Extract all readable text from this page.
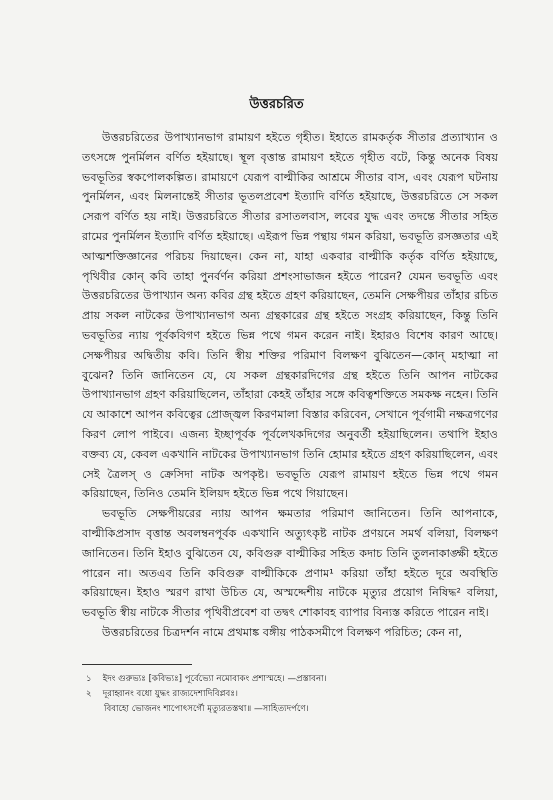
উত্তরচরিত

উত্তরচরিতের উপাখ্যানভাগ রামায়ণ হইতে গৃহীত। ইহাতে রামকর্তৃক সীতার প্রত্যাখ্যান ও তৎসঙ্গে পুনর্মিলন বর্ণিত হইয়াছে। স্থূল বৃত্তান্ত রামায়ণ হইতে গৃহীত বটে, কিন্তু অনেক বিষয় ভবভূতির স্বকপোলকল্পিত। রামায়ণে যেরূপ বাল্মীকির আশ্রমে সীতার বাস, এবং যেরূপ ঘটনায় পুনর্মিলন, এবং মিলনান্তেই সীতার ভূতলপ্রবেশ ইত্যাদি বর্ণিত হইয়াছে, উত্তরচরিতে সে সকল সেরূপ বর্ণিত হয় নাই। উত্তরচরিতে সীতার রসাতলবাস, লবের যুদ্ধ এবং তদন্তে সীতার সহিত রামের পুনর্মিলন ইত্যাদি বর্ণিত হইয়াছে। এইরূপ ভিন্ন পন্থায় গমন করিয়া, ভবভূতি রসজ্ঞতার এই আত্মশক্তিজ্ঞানের পরিচয় দিয়াছেন। কেন না, যাহা একবার বাল্মীকি কর্তৃক বর্ণিত হইয়াছে, পৃথিবীর কোন্ কবি তাহা পুনর্বর্ণন করিয়া প্রশংসাভাজন হইতে পারেন? যেমন ভবভূতি এবং উত্তরচরিতের উপাখ্যান অন্য কবির গ্রন্থ হইতে গ্রহণ করিয়াছেন, তেমনি সেক্ষপীয়র তাঁহার রচিত প্রায় সকল নাটকের উপাখ্যানভাগ অন্য গ্রন্থকারের গ্রন্থ হইতে সংগ্রহ করিয়াছেন, কিন্তু তিনি ভবভূতির ন্যায় পূর্বকবিগণ হইতে ভিন্ন পথে গমন করেন নাই। ইহারও বিশেষ কারণ আছে। সেক্ষপীয়র অদ্বিতীয় কবি। তিনি স্বীয় শক্তির পরিমাণ বিলক্ষণ বুঝিতেন—কোন্ মহাত্মা না বুঝেন? তিনি জানিতেন যে, যে সকল গ্রন্থকারদিগের গ্রন্থ হইতে তিনি আপন নাটকের উপাখ্যানভাগ গ্রহণ করিয়াছিলেন, তাঁহারা কেহই তাঁহার সঙ্গে কবিত্বশক্তিতে সমকক্ষ নহেন। তিনি যে আকাশে আপন কবিত্বের প্রোজ্জ্বল কিরণমালা বিস্তার করিবেন, সেখানে পূর্বগামী নক্ষত্রগণের কিরণ লোপ পাইবে। এজন্য ইচ্ছাপূর্বক পূর্বলেখকদিগের অনুবর্তী হইয়াছিলেন। তথাপি ইহাও বক্তব্য যে, কেবল একখানি নাটকের উপাখ্যানভাগ তিনি হোমার হইতে গ্রহণ করিয়াছিলেন, এবং সেই ত্রৈলস্ ও ক্রেসিদা নাটক অপকৃষ্ট। ভবভূতি যেরূপ রামায়ণ হইতে ভিন্ন পথে গমন করিয়াছেন, তিনিও তেমনি ইলিয়দ হইতে ভিন্ন পথে গিয়াছেন।

ভবভূতি সেক্ষপীয়রের ন্যায় আপন ক্ষমতার পরিমাণ জানিতেন। তিনি আপনাকে, বাল্মীকিপ্রসাদ বৃত্তান্ত অবলম্বনপূর্বক একখানি অত্যুৎকৃষ্ট নাটক প্রণয়নে সমর্থ বলিয়া, বিলক্ষণ জানিতেন। তিনি ইহাও বুঝিতেন যে, কবিগুরু বাল্মীকির সহিত কদাচ তিনি তুলনাকাঙ্ক্ষী হইতে পারেন না। অতএব তিনি কবিগুরু বাল্মীকিকে প্রণাম¹ করিয়া তাঁহা হইতে দূরে অবস্থিতি করিয়াছেন। ইহাও স্মরণ রাখা উচিত যে, অস্মদ্দেশীয় নাটকে মৃত্যুর প্রয়োগ নিষিদ্ধ² বলিয়া, ভবভূতি স্বীয় নাটকে সীতার পৃথিবীপ্রবেশ বা তদ্বৎ শোকাবহ ব্যাপার বিন্যস্ত করিতে পারেন নাই।

উত্তরচরিতের চিত্রদর্শন নামে প্রথমাঙ্ক বঙ্গীয় পাঠকসমীপে বিলক্ষণ পরিচিত; কেন না,

১ ইদং গুরুভ্যঃ [কবিভ্যঃ] পূর্বেভ্যো নমোবাকং প্রশাস্মহে। —প্রস্তাবনা।
২ দূরাহ্বানং বধো যুদ্ধং রাজ্যদেশাদিবিপ্লবঃ।
বিবাহো ভোজনং শাপোৎসর্গৌ মৃত্যুরতস্তথা॥ —সাহিত্যদর্পণে।
